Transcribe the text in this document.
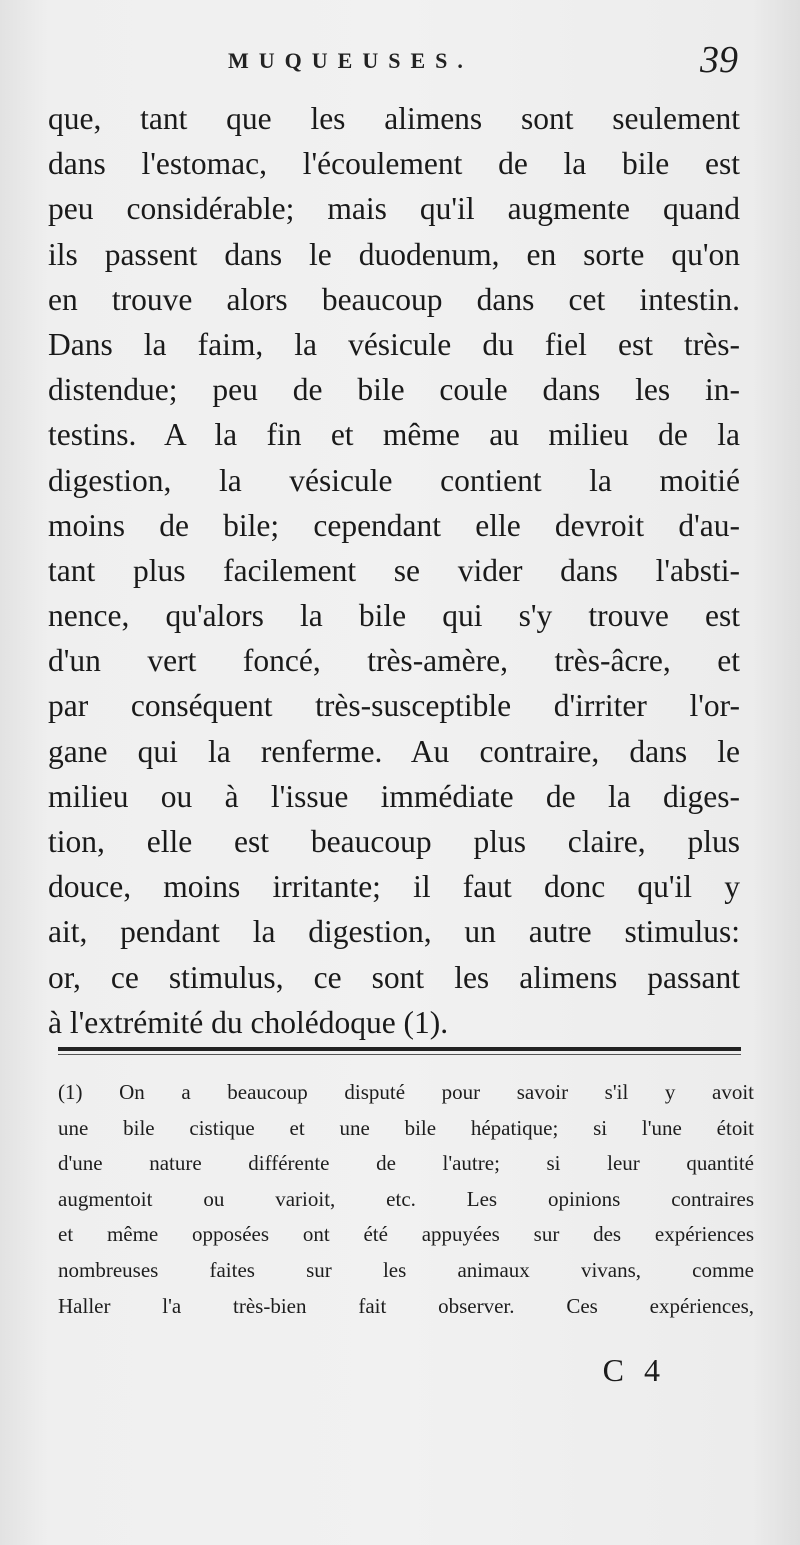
MUQUEUSES.	39
que, tant que les alimens sont seulement
dans l'estomac, l'écoulement de la bile est
peu considérable; mais qu'il augmente quand
ils passent dans le duodenum, en sorte qu'on
en trouve alors beaucoup dans cet intestin.
Dans la faim, la vésicule du fiel est très-
distendue; peu de bile coule dans les in-
testins. A la fin et même au milieu de la
digestion, la vésicule contient la moitié
moins de bile; cependant elle devroit d'au-
tant plus facilement se vider dans l'absti-
nence, qu'alors la bile qui s'y trouve est
d'un vert foncé, très-amère, très-âcre, et
par conséquent très-susceptible d'irriter l'or-
gane qui la renferme. Au contraire, dans le
milieu ou à l'issue immédiate de la diges-
tion, elle est beaucoup plus claire, plus
douce, moins irritante; il faut donc qu'il y
ait, pendant la digestion, un autre stimulus:
or, ce stimulus, ce sont les alimens passant
à l'extrémité du cholédoque (1).
(1) On a beaucoup disputé pour savoir s'il y avoit
une bile cistique et une bile hépatique; si l'une étoit
d'une nature différente de l'autre; si leur quantité
augmentoit ou varioit, etc. Les opinions contraires
et même opposées ont été appuyées sur des expériences
nombreuses faites sur les animaux vivans, comme
Haller l'a très-bien fait observer. Ces expériences,
C 4
